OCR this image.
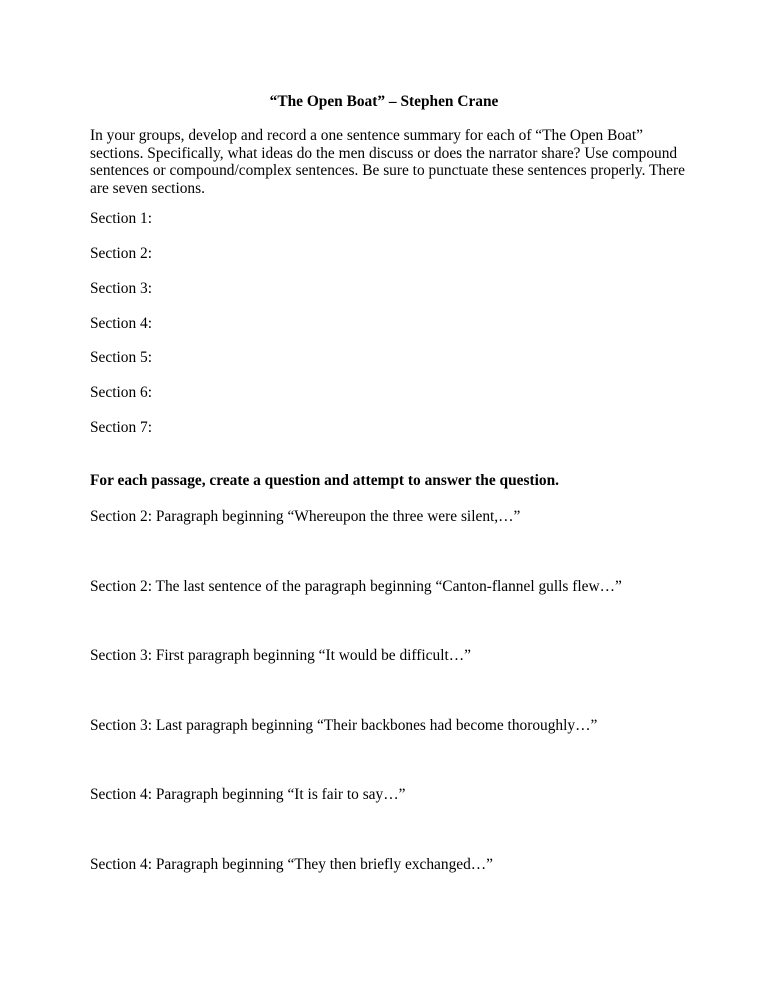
“The Open Boat” – Stephen Crane

In your groups, develop and record a one sentence summary for each of “The Open Boat”

sections. Specifically, what ideas do the men discuss or does the narrator share? Use compound

sentences or compound/complex sentences. Be sure to punctuate these sentences properly. There

are seven sections.

Section 1:
Section 2:
Section 3:
Section 4:
Section 5:
Section 6:
Section 7:
For each passage, create a question and attempt to answer the question.
Section 2: Paragraph beginning “Whereupon the three were silent,…”
Section 2: The last sentence of the paragraph beginning “Canton-flannel gulls flew…”
Section 3: First paragraph beginning “It would be difficult…”
Section 3: Last paragraph beginning “Their backbones had become thoroughly…”
Section 4: Paragraph beginning “It is fair to say…”
Section 4: Paragraph beginning “They then briefly exchanged…”
